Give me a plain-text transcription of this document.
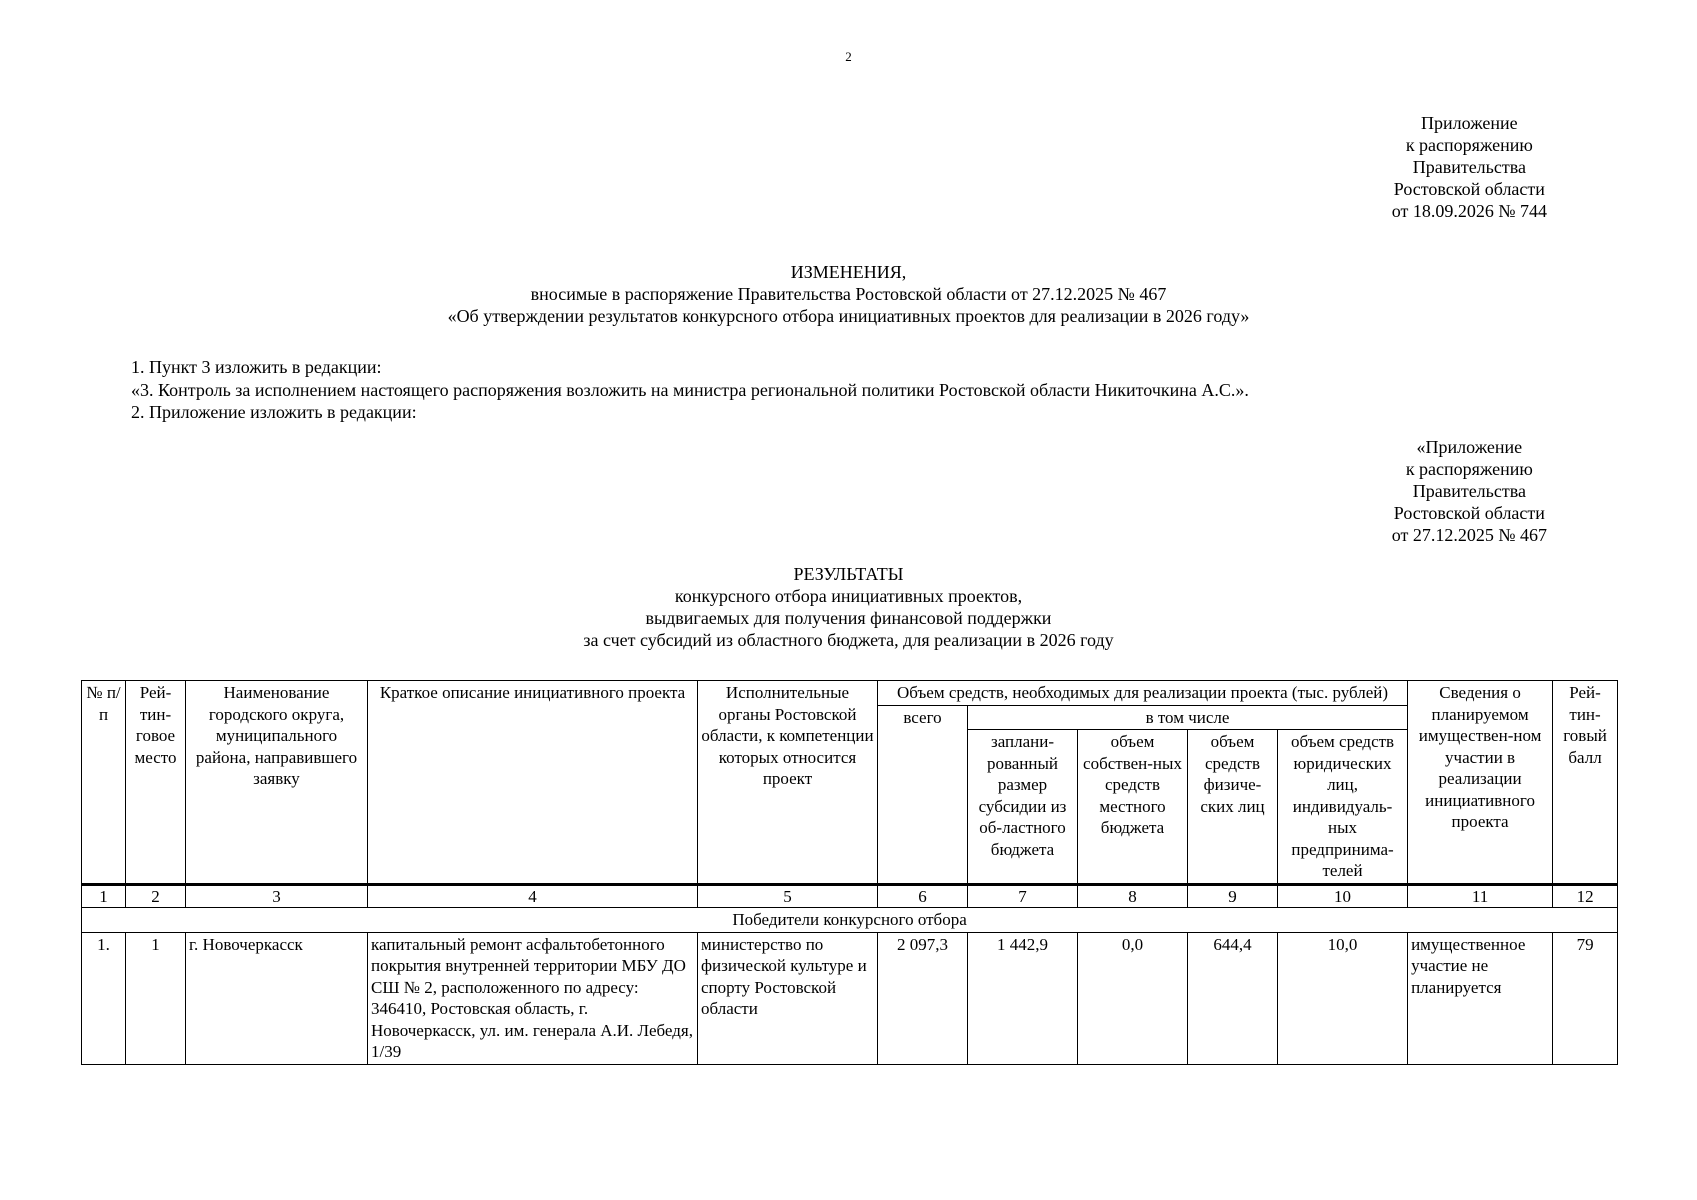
2
Приложение
к распоряжению
Правительства
Ростовской области
от 18.09.2026 № 744
ИЗМЕНЕНИЯ,
вносимые в распоряжение Правительства Ростовской области от 27.12.2025 № 467
«Об утверждении результатов конкурсного отбора инициативных проектов для реализации в 2026 году»
1. Пункт 3 изложить в редакции:
«3. Контроль за исполнением настоящего распоряжения возложить на министра региональной политики Ростовской области Никиточкина А.С.».
2. Приложение изложить в редакции:
«Приложение
к распоряжению
Правительства
Ростовской области
от 27.12.2025 № 467
РЕЗУЛЬТАТЫ
конкурсного отбора инициативных проектов,
выдвигаемых для получения финансовой поддержки
за счет субсидий из областного бюджета, для реализации в 2026 году
№ п/п	Рей-тин-говое место	Наименование городского округа, муниципального района, направившего заявку	Краткое описание инициативного проекта	Исполнительные органы Ростовской области, к компетенции которых относится проект	Объем средств, необходимых для реализации проекта (тыс. рублей)					Сведения о планируемом имуществен-ном участии в реализации инициативного проекта	Рей-тин-говый балл
					всего	в том числе					
						заплани-рованный размер субсидии из об-ластного бюджета	объем собствен-ных средств местного бюджета	объем средств физиче-ских лиц	объем средств юридических лиц, индивидуаль-ных предпринима-телей		
1	2	3	4	5	6	7	8	9	10	11	12
Победители конкурсного отбора											
1.	1	г. Новочеркасск	капитальный ремонт асфальтобетонного покрытия внутренней территории МБУ ДО СШ № 2, расположенного по адресу: 346410, Ростовская область, г. Новочеркасск, ул. им. генерала А.И. Лебедя, 1/39	министерство по физической культуре и спорту Ростовской области	2 097,3	1 442,9	0,0	644,4	10,0	имущественное участие не планируется	79
